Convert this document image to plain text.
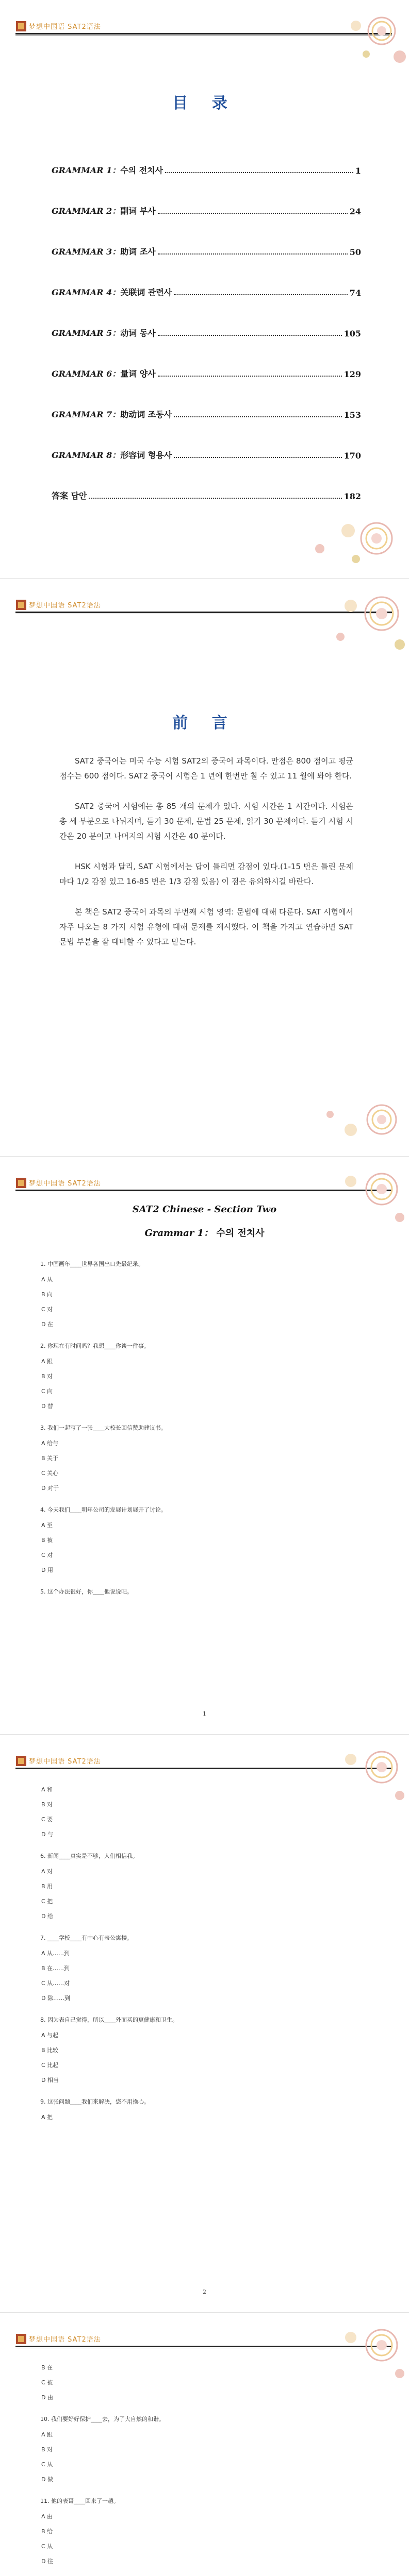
梦想中国语 SAT2语法
目 录
GRAMMAR 1：수의 전치사	1
GRAMMAR 2：副词 부사	24
GRAMMAR 3：助词 조사	50
GRAMMAR 4：关联词 관련사	74
GRAMMAR 5：动词 동사	105
GRAMMAR 6：量词 양사	129
GRAMMAR 7：助动词 조동사	153
GRAMMAR 8：形容词 형용사	170
答案 답안	182
梦想中国语 SAT2语法
前 言

SAT2 중국어는 미국 수능 시험 SAT2의 중국어 과목이다. 만점은 800 점이고 평균 점수는 600 점이다. SAT2 중국어 시험은 1 년에 한번만 칠 수 있고 11 월에 봐야 한다.

SAT2 중국어 시험에는 총 85 개의 문제가 있다. 시험 시간은 1 시간이다. 시험은 총 세 부분으로 나뉘지며, 듣기 30 문제, 문법 25 문제, 읽기 30 문제이다. 듣기 시험 시간은 20 분이고 나머지의 시험 시간은 40 분이다.

HSK 시험과 달리, SAT 시험에서는 답이 틀리면 감점이 있다.(1-15 번은 틀린 문제마다 1/2 감점 있고 16-85 번은 1/3 감점 있음) 이 점은 유의하시길 바란다.

본 책은 SAT2 중국어 과목의 두번째 시험 영역: 문법에 대해 다룬다. SAT 시험에서 자주 나오는 8 가지 시험 유형에 대해 문제를 제시했다. 이 책을 가지고 연습하면 SAT 문법 부분을 잘 대비할 수 있다고 믿는다.

梦想中国语 SAT2语法
SAT2 Chinese - Section Two
Grammar 1： 수의 전치사
1. 中国画年____世界各国出口先最纪录。
A 从
B 向
C 对
D 在
2. 你现在有时间吗？我想____你谈一件事。
A 跟
B 对
C 向
D 替
3. 我们一起写了一张____大校长回信赞助建议书。
A 给与
B 关于
C 关心
D 对于
4. 今天我们____明年公司的发展计划展开了讨论。
A 至
B 被
C 对
D 用
5. 这个办法很好，你____他说说吧。
1
梦想中国语 SAT2语法
A 和
B 对
C 要
D 与
6. 新闻____真实是不够，人们相信我。
A 对
B 用
C 把
D 给
7. ____学校____有中心有表公寓楼。
A 从……到
B 在……到
C 从……对
D 除……到
8. 因为表自己觉得，所以____外面买的更健康和卫生。
A 与起
B 比较
C 比起
D 相当
9. 这张问题____我们来解决，您不用操心。
A 把
2
梦想中国语 SAT2语法
B 在
C 被
D 由
10. 我们要好好保护____去，为了大自然的和谐。
A 跟
B 对
C 从
D 做
11. 他的表哥____回来了一趟。
A 由
B 给
C 从
D 往
